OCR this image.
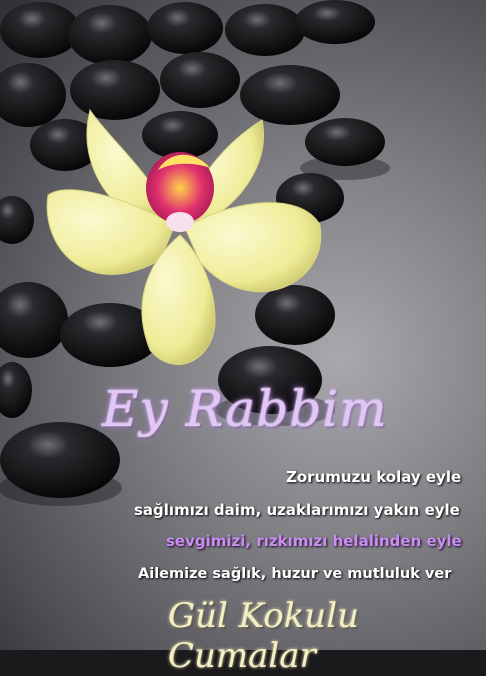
Ey Rabbim
Zorumuzu kolay eyle
sağlımızı daim, uzaklarımızı yakın eyle
sevgimizi, rızkımızı helalinden eyle
Ailemize sağlık, huzur ve mutluluk ver
Gül Kokulu Cumalar
